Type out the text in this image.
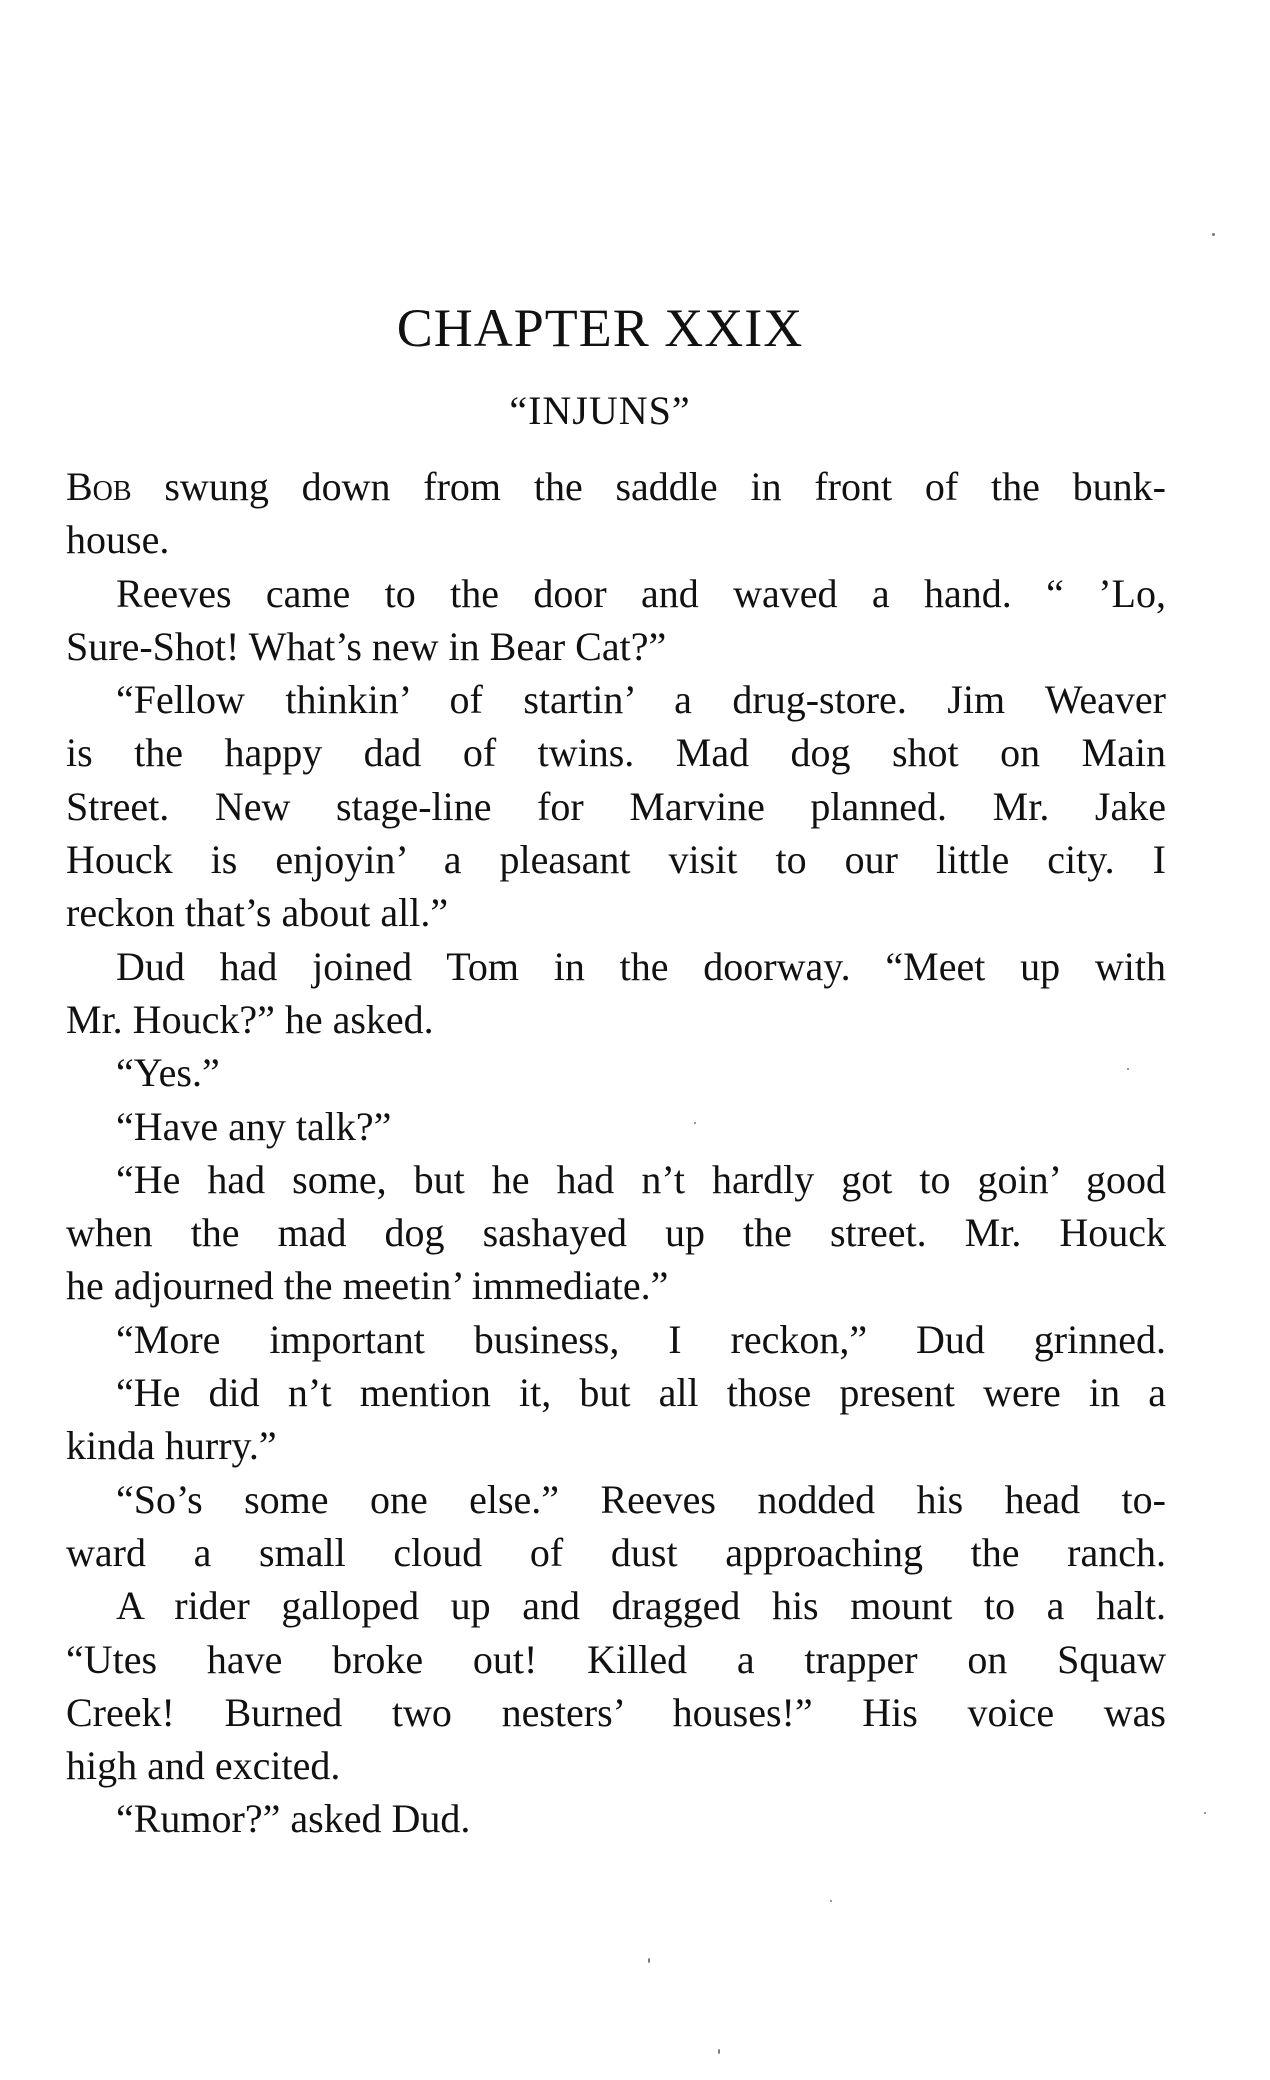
CHAPTER XXIX
“INJUNS”
Bob swung down from the saddle in front of the bunk-
house.
Reeves came to the door and waved a hand. “ ’Lo,
Sure-Shot! What’s new in Bear Cat?”
“Fellow thinkin’ of startin’ a drug-store. Jim Weaver
is the happy dad of twins. Mad dog shot on Main
Street. New stage-line for Marvine planned. Mr. Jake
Houck is enjoyin’ a pleasant visit to our little city. I
reckon that’s about all.”
Dud had joined Tom in the doorway. “Meet up with
Mr. Houck?” he asked.
“Yes.”
“Have any talk?”
“He had some, but he had n’t hardly got to goin’ good
when the mad dog sashayed up the street. Mr. Houck
he adjourned the meetin’ immediate.”
“More important business, I reckon,” Dud grinned.
“He did n’t mention it, but all those present were in a
kinda hurry.”
“So’s some one else.” Reeves nodded his head to-
ward a small cloud of dust approaching the ranch.
A rider galloped up and dragged his mount to a halt.
“Utes have broke out! Killed a trapper on Squaw
Creek! Burned two nesters’ houses!” His voice was
high and excited.
“Rumor?” asked Dud.
